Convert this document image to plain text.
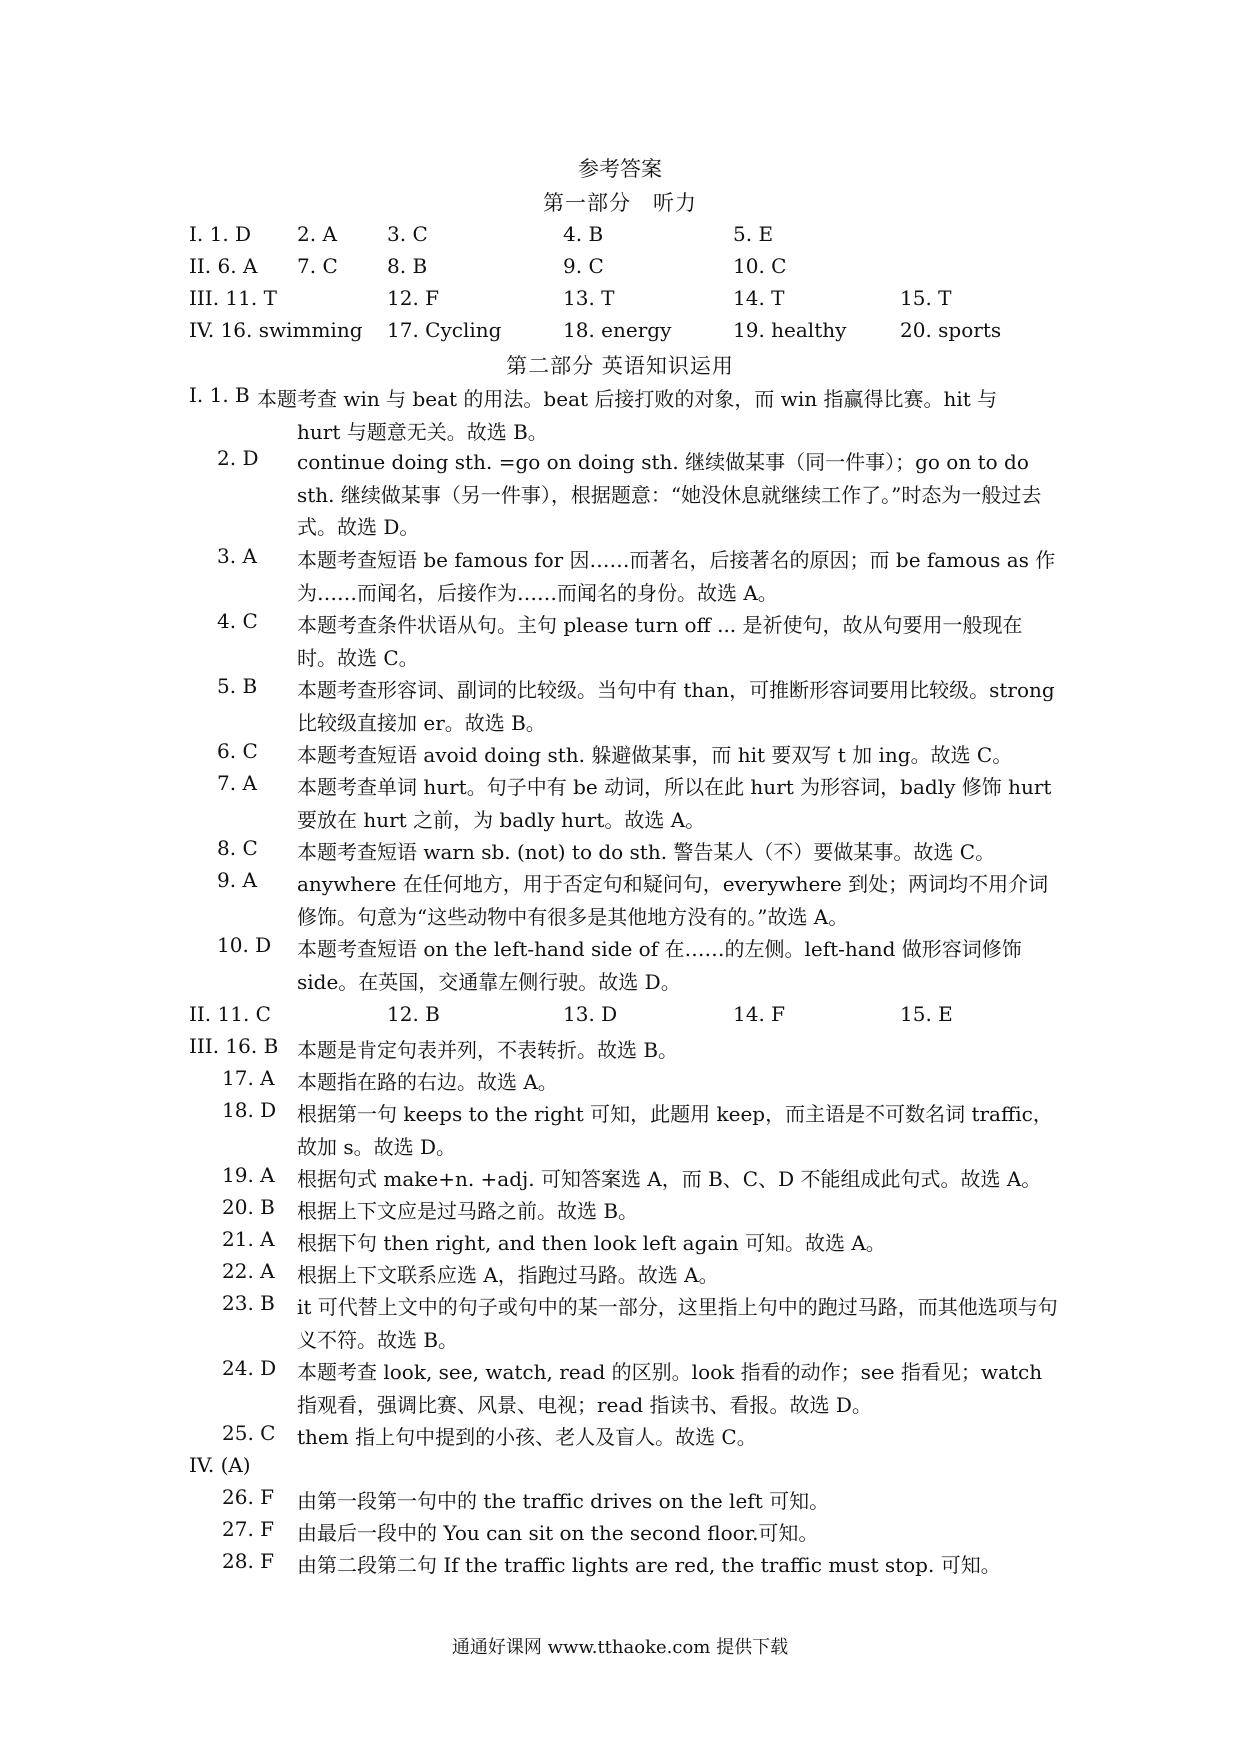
参考答案
第一部分　听力
I. 1. D 2. A	3. C	4. B	5. E
II. 6. A 7. C 8. B	9. C	10. C
III. 11. T	12. F	13. T	14. T	15. T
IV. 16. swimming 17. Cycling	18. energy	19. healthy	20. sports
第二部分 英语知识运用
I. 1. B 本题考查 win 与 beat 的用法。beat 后接打败的对象，而 win 指赢得比赛。hit 与
hurt 与题意无关。故选 B。
2. D continue doing sth. =go on doing sth. 继续做某事（同一件事）；go on to do sth. 继续做某事（另一件事），根据题意：“她没休息就继续工作了。”时态为一般过去式。故选 D。
3. A 本题考查短语 be famous for 因……而著名，后接著名的原因；而 be famous as 作为……而闻名，后接作为……而闻名的身份。故选 A。
4. C 本题考查条件状语从句。主句 please turn off ... 是祈使句，故从句要用一般现在时。故选 C。
5. B 本题考查形容词、副词的比较级。当句中有 than，可推断形容词要用比较级。strong 比较级直接加 er。故选 B。
6. C 本题考查短语 avoid doing sth. 躲避做某事，而 hit 要双写 t 加 ing。故选 C。
7. A 本题考查单词 hurt。句子中有 be 动词，所以在此 hurt 为形容词，badly 修饰 hurt 要放在 hurt 之前，为 badly hurt。故选 A。
8. C 本题考查短语 warn sb. (not) to do sth. 警告某人（不）要做某事。故选 C。
9. A anywhere 在任何地方，用于否定句和疑问句，everywhere 到处；两词均不用介词修饰。句意为“这些动物中有很多是其他地方没有的。”故选 A。
10. D 本题考查短语 on the left-hand side of 在……的左侧。left-hand 做形容词修饰 side。在英国，交通靠左侧行驶。故选 D。
II. 11. C	12. B	13. D	14. F	15. E
III. 16. B 本题是肯定句表并列，不表转折。故选 B。
17. A 本题指在路的右边。故选 A。
18. D 根据第一句 keeps to the right 可知，此题用 keep，而主语是不可数名词 traffic，故加 s。故选 D。
19. A 根据句式 make+n. +adj. 可知答案选 A，而 B、C、D 不能组成此句式。故选 A。
20. B 根据上下文应是过马路之前。故选 B。
21. A 根据下句 then right, and then look left again 可知。故选 A。
22. A 根据上下文联系应选 A，指跑过马路。故选 A。
23. B it 可代替上文中的句子或句中的某一部分，这里指上句中的跑过马路，而其他选项与句义不符。故选 B。
24. D 本题考查 look, see, watch, read 的区别。look 指看的动作；see 指看见；watch 指观看，强调比赛、风景、电视；read 指读书、看报。故选 D。
25. C them 指上句中提到的小孩、老人及盲人。故选 C。
IV. (A)
26. F 由第一段第一句中的 the traffic drives on the left 可知。
27. F 由最后一段中的 You can sit on the second floor.可知。
28. F 由第二段第二句 If the traffic lights are red, the traffic must stop. 可知。
通通好课网 www.tthaoke.com 提供下载
